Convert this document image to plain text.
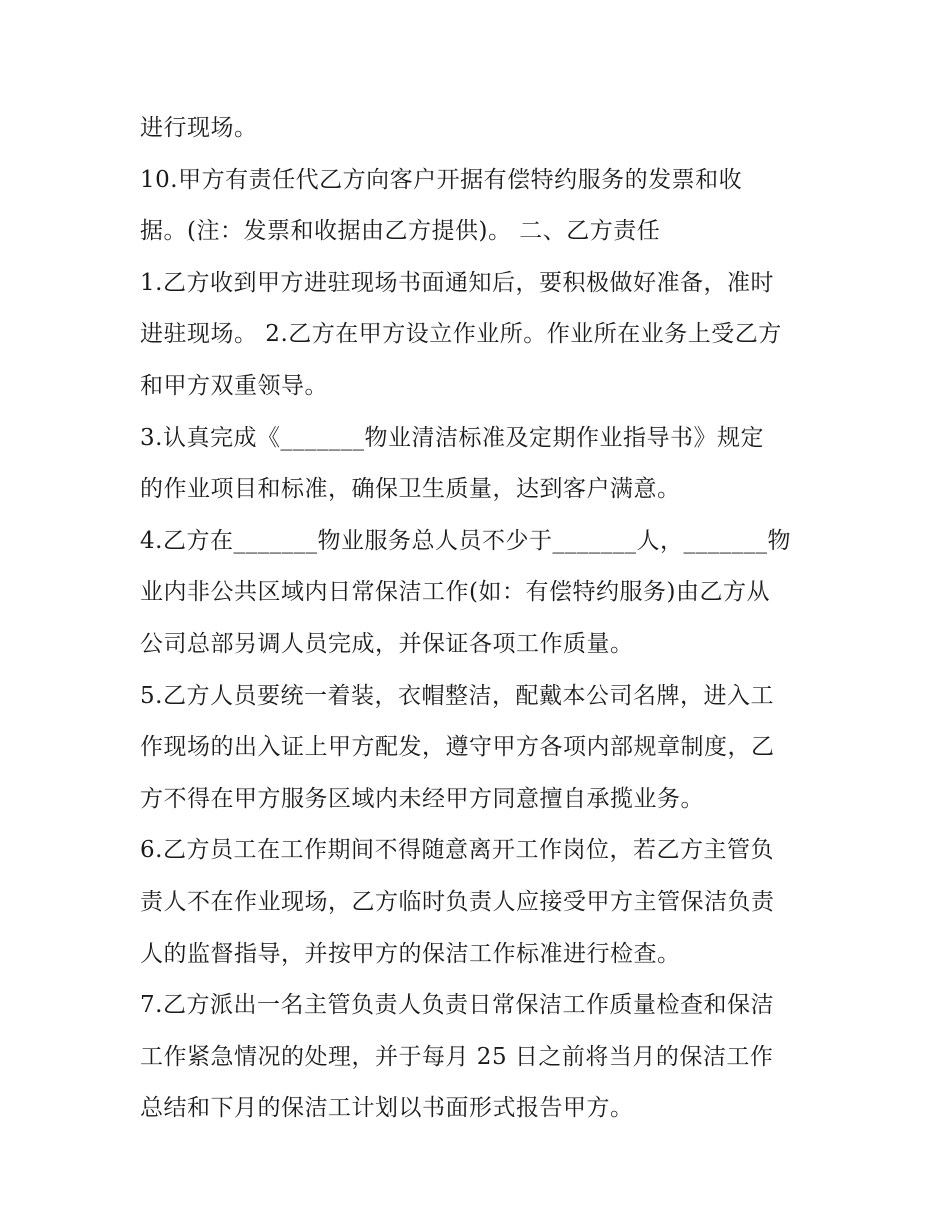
进行现场。
10.甲方有责任代乙方向客户开据有偿特约服务的发票和收
据。(注：发票和收据由乙方提供)。 二、乙方责任
1.乙方收到甲方进驻现场书面通知后，要积极做好准备，准时
进驻现场。 2.乙方在甲方设立作业所。作业所在业务上受乙方
和甲方双重领导。
3.认真完成《_______物业清洁标准及定期作业指导书》规定
的作业项目和标准，确保卫生质量，达到客户满意。
4.乙方在_______物业服务总人员不少于_______人，_______物
业内非公共区域内日常保洁工作(如：有偿特约服务)由乙方从
公司总部另调人员完成，并保证各项工作质量。
5.乙方人员要统一着装，衣帽整洁，配戴本公司名牌，进入工
作现场的出入证上甲方配发，遵守甲方各项内部规章制度，乙
方不得在甲方服务区域内未经甲方同意擅自承揽业务。
6.乙方员工在工作期间不得随意离开工作岗位，若乙方主管负
责人不在作业现场，乙方临时负责人应接受甲方主管保洁负责
人的监督指导，并按甲方的保洁工作标准进行检查。
7.乙方派出一名主管负责人负责日常保洁工作质量检查和保洁
工作紧急情况的处理，并于每月 25 日之前将当月的保洁工作
总结和下月的保洁工计划以书面形式报告甲方。
